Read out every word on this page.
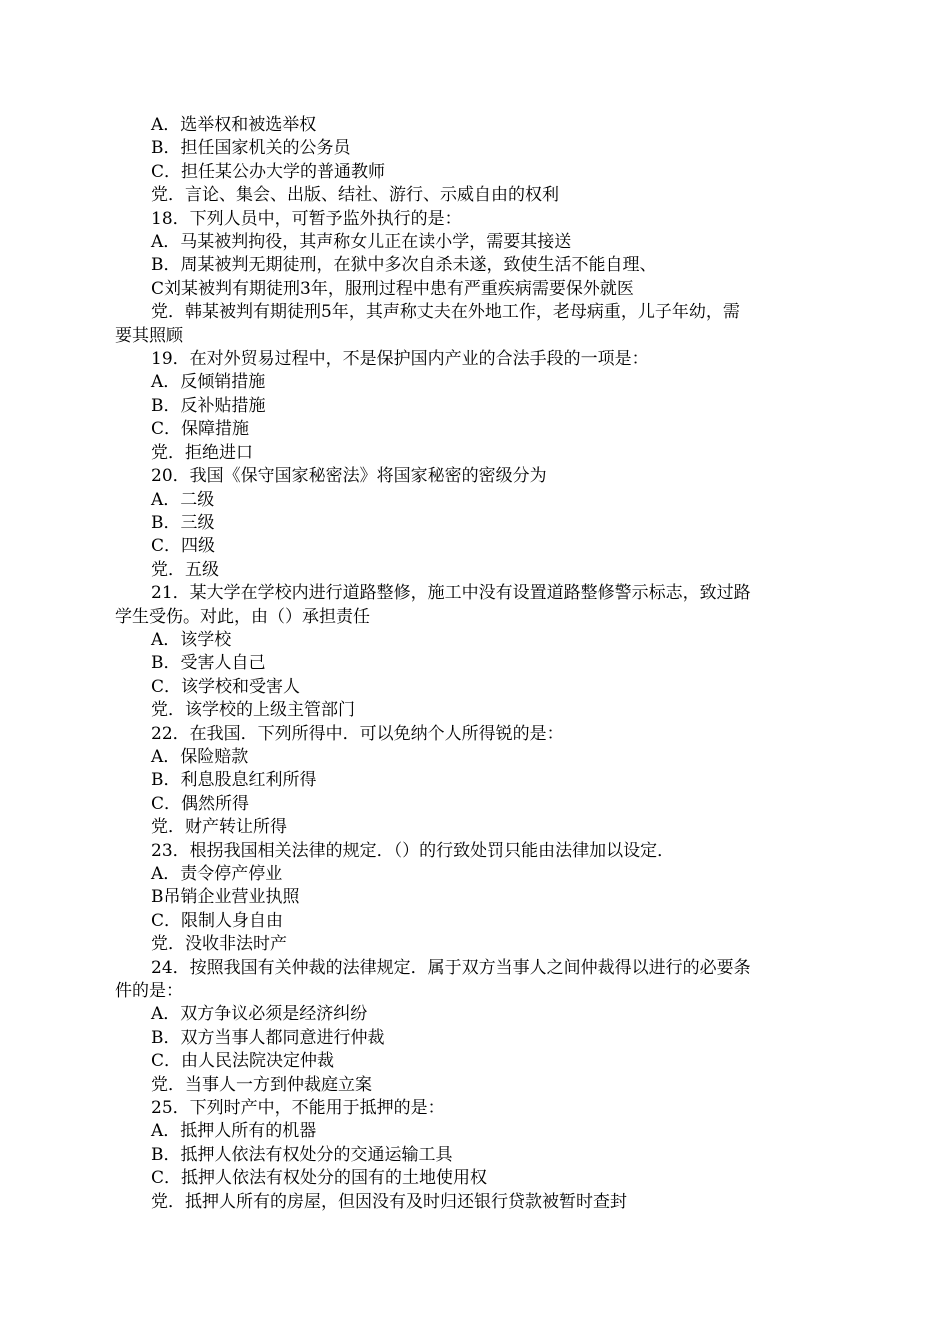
A．选举权和被选举权
B．担任国家机关的公务员
C．担任某公办大学的普通教师
党．言论、集会、出版、结社、游行、示威自由的权利
18．下列人员中，可暂予监外执行的是：
A．马某被判拘役，其声称女儿正在读小学，需要其接送
B．周某被判无期徒刑，在狱中多次自杀未遂，致使生活不能自理、
C刘某被判有期徒刑3年，服刑过程中患有严重疾病需要保外就医
党．韩某被判有期徒刑5年，其声称丈夫在外地工作，老母病重，儿子年幼，需
要其照顾
19．在对外贸易过程中，不是保护国内产业的合法手段的一项是：
A．反倾销措施
B．反补贴措施
C．保障措施
党．拒绝进口
20．我国《保守国家秘密法》将国家秘密的密级分为
A．二级
B．三级
C．四级
党．五级
21．某大学在学校内进行道路整修，施工中没有设置道路整修警示标志，致过路
学生受伤。对此，由（）承担责任
A．该学校
B．受害人自己
C．该学校和受害人
党．该学校的上级主管部门
22．在我国．下列所得中．可以免纳个人所得锐的是：
A．保险赔款
B．利息股息红利所得
C．偶然所得
党．财产转让所得
23．根拐我国相关法律的规定．（）的行致处罚只能由法律加以设定．
A．责令停产停业
B吊销企业营业执照
C．限制人身自由
党．没收非法时产
24．按照我国有关仲裁的法律规定．属于双方当事人之间仲裁得以进行的必要条
件的是：
A．双方争议必须是经济纠纷
B．双方当事人都同意进行仲裁
C．由人民法院决定仲裁
党．当事人一方到仲裁庭立案
25．下列时产中，不能用于抵押的是：
A．抵押人所有的机器
B．抵押人依法有权处分的交通运输工具
C．抵押人依法有权处分的国有的土地使用权
党．抵押人所有的房屋，但因没有及时归还银行贷款被暂时查封
